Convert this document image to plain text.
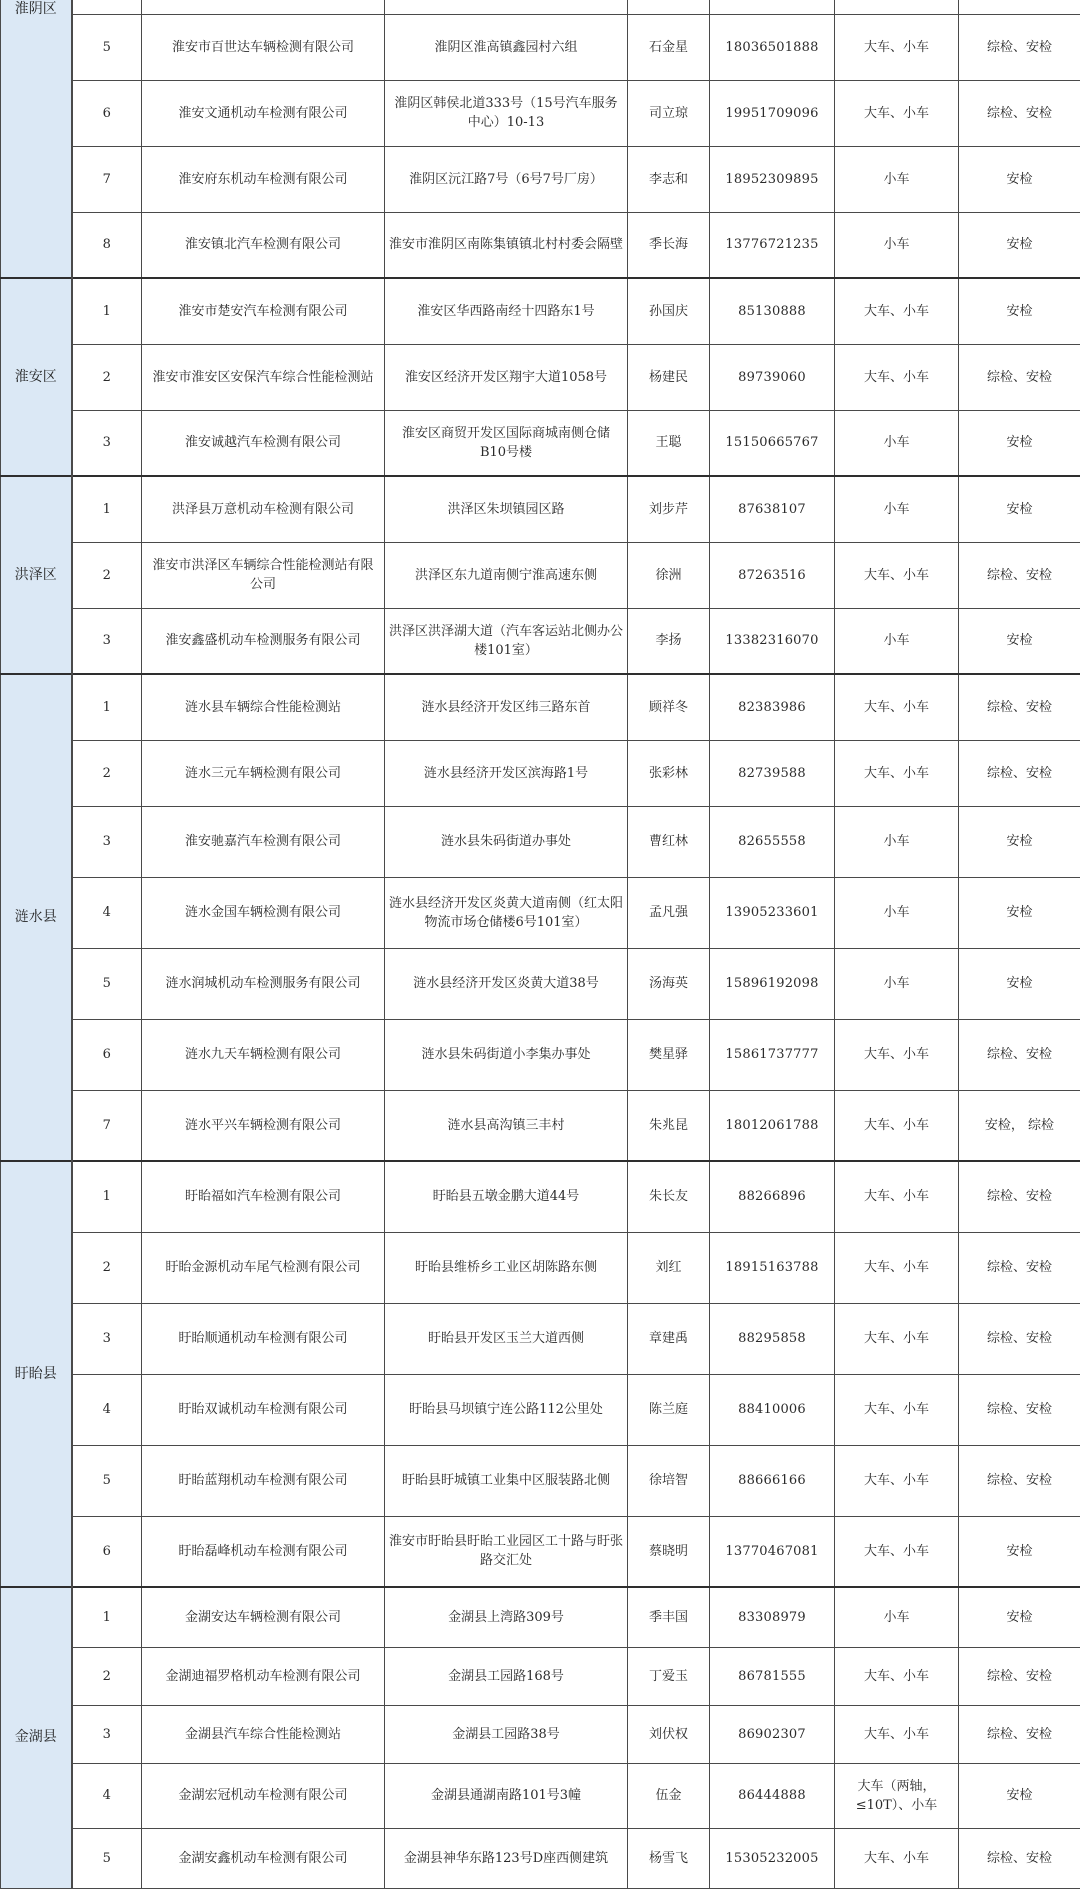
淮阴区							
	5	淮安市百世达车辆检测有限公司	淮阴区淮高镇鑫园村六组	石金星	18036501888	大车、小车	综检、安检
	6	淮安文通机动车检测有限公司	淮阴区韩侯北道333号（15号汽车服务中心）10-13	司立琼	19951709096	大车、小车	综检、安检
	7	淮安府东机动车检测有限公司	淮阴区沅江路7号（6号7号厂房）	李志和	18952309895	小车	安检
	8	淮安镇北汽车检测有限公司	淮安市淮阴区南陈集镇镇北村村委会隔壁	季长海	13776721235	小车	安检
淮安区	1	淮安市楚安汽车检测有限公司	淮安区华西路南经十四路东1号	孙国庆	85130888	大车、小车	安检
	2	淮安市淮安区安保汽车综合性能检测站	淮安区经济开发区翔宇大道1058号	杨建民	89739060	大车、小车	综检、安检
	3	淮安诚越汽车检测有限公司	淮安区商贸开发区国际商城南侧仓储B10号楼	王聪	15150665767	小车	安检
洪泽区	1	洪泽县万意机动车检测有限公司	洪泽区朱坝镇园区路	刘步芹	87638107	小车	安检
	2	淮安市洪泽区车辆综合性能检测站有限公司	洪泽区东九道南侧宁淮高速东侧	徐洲	87263516	大车、小车	综检、安检
	3	淮安鑫盛机动车检测服务有限公司	洪泽区洪泽湖大道（汽车客运站北侧办公楼101室）	李扬	13382316070	小车	安检
涟水县	1	涟水县车辆综合性能检测站	涟水县经济开发区纬三路东首	顾祥冬	82383986	大车、小车	综检、安检
	2	涟水三元车辆检测有限公司	涟水县经济开发区滨海路1号	张彩林	82739588	大车、小车	综检、安检
	3	淮安驰嘉汽车检测有限公司	涟水县朱码街道办事处	曹红林	82655558	小车	安检
	4	涟水金国车辆检测有限公司	涟水县经济开发区炎黄大道南侧（红太阳物流市场仓储楼6号101室）	孟凡强	13905233601	小车	安检
	5	涟水润城机动车检测服务有限公司	涟水县经济开发区炎黄大道38号	汤海英	15896192098	小车	安检
	6	涟水九天车辆检测有限公司	涟水县朱码街道小李集办事处	樊星驿	15861737777	大车、小车	综检、安检
	7	涟水平兴车辆检测有限公司	涟水县高沟镇三丰村	朱兆昆	18012061788	大车、小车	安检， 综检
盱眙县	1	盱眙福如汽车检测有限公司	盱眙县五墩金鹏大道44号	朱长友	88266896	大车、小车	综检、安检
	2	盱眙金源机动车尾气检测有限公司	盱眙县维桥乡工业区胡陈路东侧	刘红	18915163788	大车、小车	综检、安检
	3	盱眙顺通机动车检测有限公司	盱眙县开发区玉兰大道西侧	章建禹	88295858	大车、小车	综检、安检
	4	盱眙双诚机动车检测有限公司	盱眙县马坝镇宁连公路112公里处	陈兰庭	88410006	大车、小车	综检、安检
	5	盱眙蓝翔机动车检测有限公司	盱眙县盱城镇工业集中区服装路北侧	徐培智	88666166	大车、小车	综检、安检
	6	盱眙磊峰机动车检测有限公司	淮安市盱眙县盱眙工业园区工十路与盱张路交汇处	蔡晓明	13770467081	大车、小车	安检
金湖县	1	金湖安达车辆检测有限公司	金湖县上湾路309号	季丰国	83308979	小车	安检
	2	金湖迪福罗格机动车检测有限公司	金湖县工园路168号	丁爱玉	86781555	大车、小车	综检、安检
	3	金湖县汽车综合性能检测站	金湖县工园路38号	刘伏权	86902307	大车、小车	综检、安检
	4	金湖宏冠机动车检测有限公司	金湖县通湖南路101号3幢	伍金	86444888	大车（两轴，≤10T）、小车	安检
	5	金湖安鑫机动车检测有限公司	金湖县神华东路123号D座西侧建筑	杨雪飞	15305232005	大车、小车	综检、安检
